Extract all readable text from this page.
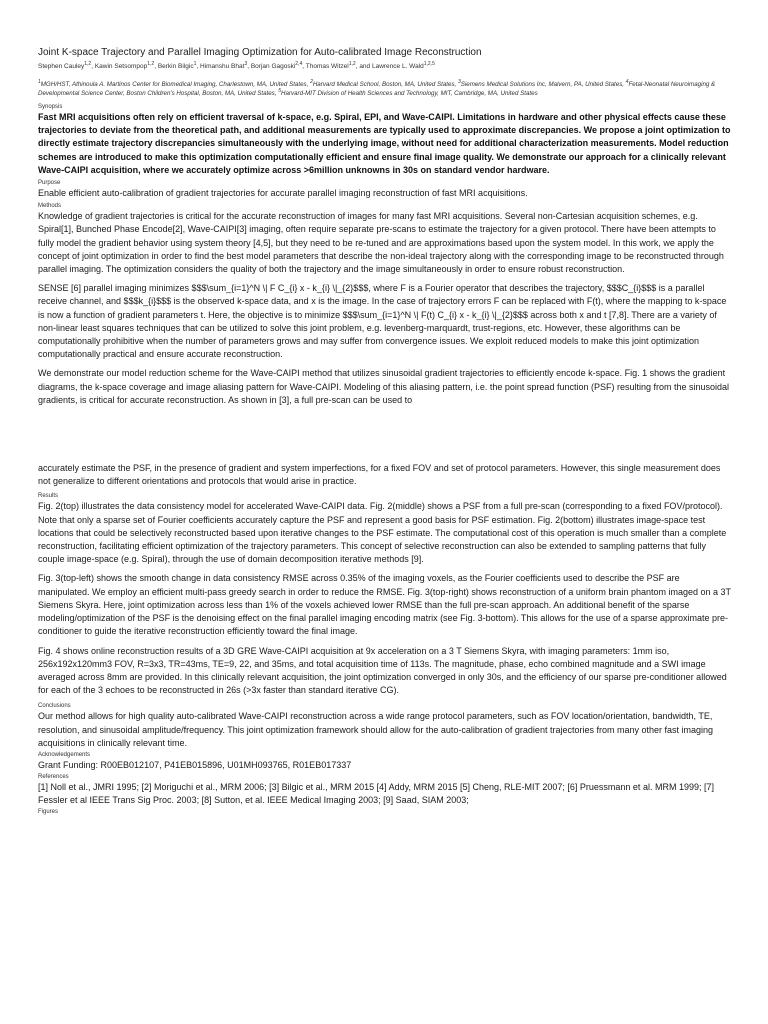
Joint K-space Trajectory and Parallel Imaging Optimization for Auto-calibrated Image Reconstruction

Stephen Cauley$^{1,2}$, Kawin Setsompop$^{1,2}$, Berkin Bilgic$^1$, Himanshu Bhat$^3$, Borjan Gagoski$^{2,4}$, Thomas Witzel$^{1,2}$, and Lawrence L. Wald$^{1,2,5}$
$^1$MGH/HST, Athinoula A. Martinos Center for Biomedical Imaging, Charlestown, MA, United States, $^2$Harvard Medical School, Boston, MA, United States, $^3$Siemens Medical Solutions Inc, Malvern, PA, United States, $^4$Fetal-Neonatal Neuroimaging & Developmental Science Center, Boston Children's Hospital, Boston, MA, United States, $^5$Harvard-MIT Division of Health Sciences and Technology, MIT, Cambridge, MA, United States
Synopsis

Fast MRI acquisitions often rely on efficient traversal of k-space, e.g. Spiral, EPI, and Wave-CAIPI. Limitations in hardware and other physical effects cause these trajectories to deviate from the theoretical path, and additional measurements are typically used to approximate discrepancies. We propose a joint optimization to directly estimate trajectory discrepancies simultaneously with the underlying image, without need for additional characterization measurements. Model reduction schemes are introduced to make this optimization computationally efficient and ensure final image quality. We demonstrate our approach for a clinically relevant Wave-CAIPI acquisition, where we accurately optimize across >6million unknowns in 30s on standard vendor hardware.

Purpose

Enable efficient auto-calibration of gradient trajectories for accurate parallel imaging reconstruction of fast MRI acquisitions.

Methods

Knowledge of gradient trajectories is critical for the accurate reconstruction of images for many fast MRI acquisitions. Several non-Cartesian acquisition schemes, e.g. Spiral[1], Bunched Phase Encode[2], Wave-CAIPI[3] imaging, often require separate pre-scans to estimate the trajectory for a given protocol. There have been attempts to fully model the gradient behavior using system theory [4,5], but they need to be re-tuned and are approximations based upon the system model. In this work, we apply the concept of joint optimization in order to find the best model parameters that describe the non-ideal trajectory along with the corresponding image to be reconstructed through parallel imaging. The optimization considers the quality of both the trajectory and the image simultaneously in order to ensure robust reconstruction.

SENSE [6] parallel imaging minimizes $$$\sum_{i=1}^N \| F C_{i} x - k_{i} \|_{2}$$$, where F is a Fourier operator that describes the trajectory, $$$C_{i}$$$ is a parallel receive channel, and $$$k_{i}$$$ is the observed k-space data, and x is the image. In the case of trajectory errors F can be replaced with F(t), where the mapping to k-space is now a function of gradient parameters t. Here, the objective is to minimize $$$\sum_{i=1}^N \| F(t) C_{i} x - k_{i} \|_{2}$$$ across both x and t [7,8]. There are a variety of non-linear least squares techniques that can be utilized to solve this joint problem, e.g. levenberg-marquardt, trust-regions, etc. However, these algorithms can be computationally prohibitive when the number of parameters grows and may suffer from convergence issues. We exploit reduced models to make this joint optimization computationally practical and ensure accurate reconstruction.

We demonstrate our model reduction scheme for the Wave-CAIPI method that utilizes sinusoidal gradient trajectories to efficiently encode k-space. Fig. 1 shows the gradient diagrams, the k-space coverage and image aliasing pattern for Wave-CAIPI. Modeling of this aliasing pattern, i.e. the point spread function (PSF) resulting from the sinusoidal gradients, is critical for accurate reconstruction. As shown in [3], a full pre-scan can be used to

accurately estimate the PSF, in the presence of gradient and system imperfections, for a fixed FOV and set of protocol parameters. However, this single measurement does not generalize to different orientations and protocols that would arise in practice.

Results

Fig. 2(top) illustrates the data consistency model for accelerated Wave-CAIPI data. Fig. 2(middle) shows a PSF from a full pre-scan (corresponding to a fixed FOV/protocol). Note that only a sparse set of Fourier coefficients accurately capture the PSF and represent a good basis for PSF estimation. Fig. 2(bottom) illustrates image-space test locations that could be selectively reconstructed based upon iterative changes to the PSF estimate. The computational cost of this operation is much smaller than a complete reconstruction, facilitating efficient optimization of the trajectory parameters. This concept of selective reconstruction can also be extended to sampling patterns that fully couple image-space (e.g. Spiral), through the use of domain decomposition iterative methods [9].

Fig. 3(top-left) shows the smooth change in data consistency RMSE across 0.35% of the imaging voxels, as the Fourier coefficients used to describe the PSF are manipulated. We employ an efficient multi-pass greedy search in order to reduce the RMSE. Fig. 3(top-right) shows reconstruction of a uniform brain phantom imaged on a 3T Siemens Skyra. Here, joint optimization across less than 1% of the voxels achieved lower RMSE than the full pre-scan approach. An additional benefit of the sparse modeling/optimization of the PSF is the denoising effect on the final parallel imaging encoding matrix (see Fig. 3-bottom). This allows for the use of a sparse approximate pre-conditioner to guide the iterative reconstruction efficiently toward the final image.

Fig. 4 shows online reconstruction results of a 3D GRE Wave-CAIPI acquisition at 9x acceleration on a 3 T Siemens Skyra, with imaging parameters: 1mm iso, 256x192x120mm3 FOV, R=3x3, TR=43ms, TE=9, 22, and 35ms, and total acquisition time of 113s. The magnitude, phase, echo combined magnitude and a SWI image averaged across 8mm are provided. In this clinically relevant acquisition, the joint optimization converged in only 30s, and the efficiency of our sparse pre-conditioner allowed for each of the 3 echoes to be reconstructed in 26s (>3x faster than standard iterative CG).

Conclusions

Our method allows for high quality auto-calibrated Wave-CAIPI reconstruction across a wide range protocol parameters, such as FOV location/orientation, bandwidth, TE, resolution, and sinusoidal amplitude/frequency. This joint optimization framework should allow for the auto-calibration of gradient trajectories from many other fast imaging acquisitions in clinically relevant time.

Acknowledgements

Grant Funding: R00EB012107, P41EB015896, U01MH093765, R01EB017337

References

[1] Noll et al., JMRI 1995; [2] Moriguchi et al., MRM 2006; [3] Bilgic et al., MRM 2015 [4] Addy, MRM 2015 [5] Cheng, RLE-MIT 2007; [6] Pruessmann et al. MRM 1999; [7] Fessler et al IEEE Trans Sig Proc. 2003; [8] Sutton, et al. IEEE Medical Imaging 2003; [9] Saad, SIAM 2003;

Figures
